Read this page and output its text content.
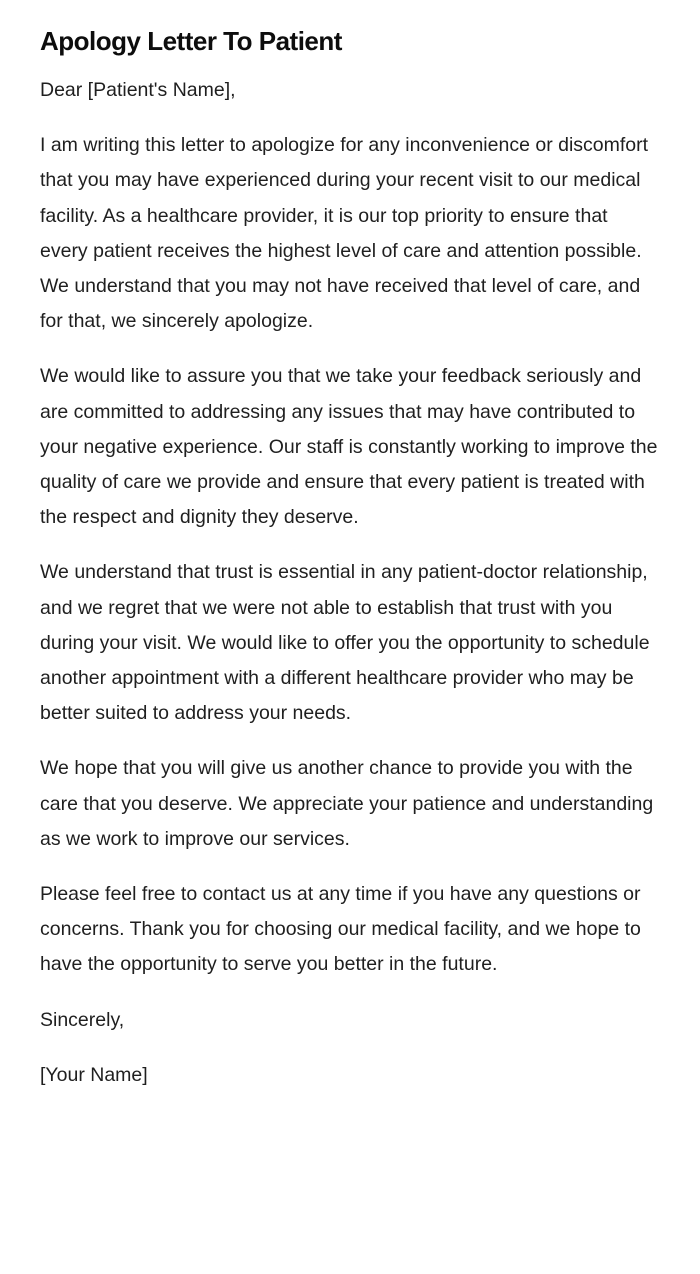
Apology Letter To Patient

Dear [Patient's Name],

I am writing this letter to apologize for any inconvenience or discomfort that you may have experienced during your recent visit to our medical facility. As a healthcare provider, it is our top priority to ensure that every patient receives the highest level of care and attention possible. We understand that you may not have received that level of care, and for that, we sincerely apologize.

We would like to assure you that we take your feedback seriously and are committed to addressing any issues that may have contributed to your negative experience. Our staff is constantly working to improve the quality of care we provide and ensure that every patient is treated with the respect and dignity they deserve.

We understand that trust is essential in any patient-doctor relationship, and we regret that we were not able to establish that trust with you during your visit. We would like to offer you the opportunity to schedule another appointment with a different healthcare provider who may be better suited to address your needs.

We hope that you will give us another chance to provide you with the care that you deserve. We appreciate your patience and understanding as we work to improve our services.

Please feel free to contact us at any time if you have any questions or concerns. Thank you for choosing our medical facility, and we hope to have the opportunity to serve you better in the future.

Sincerely,

[Your Name]
